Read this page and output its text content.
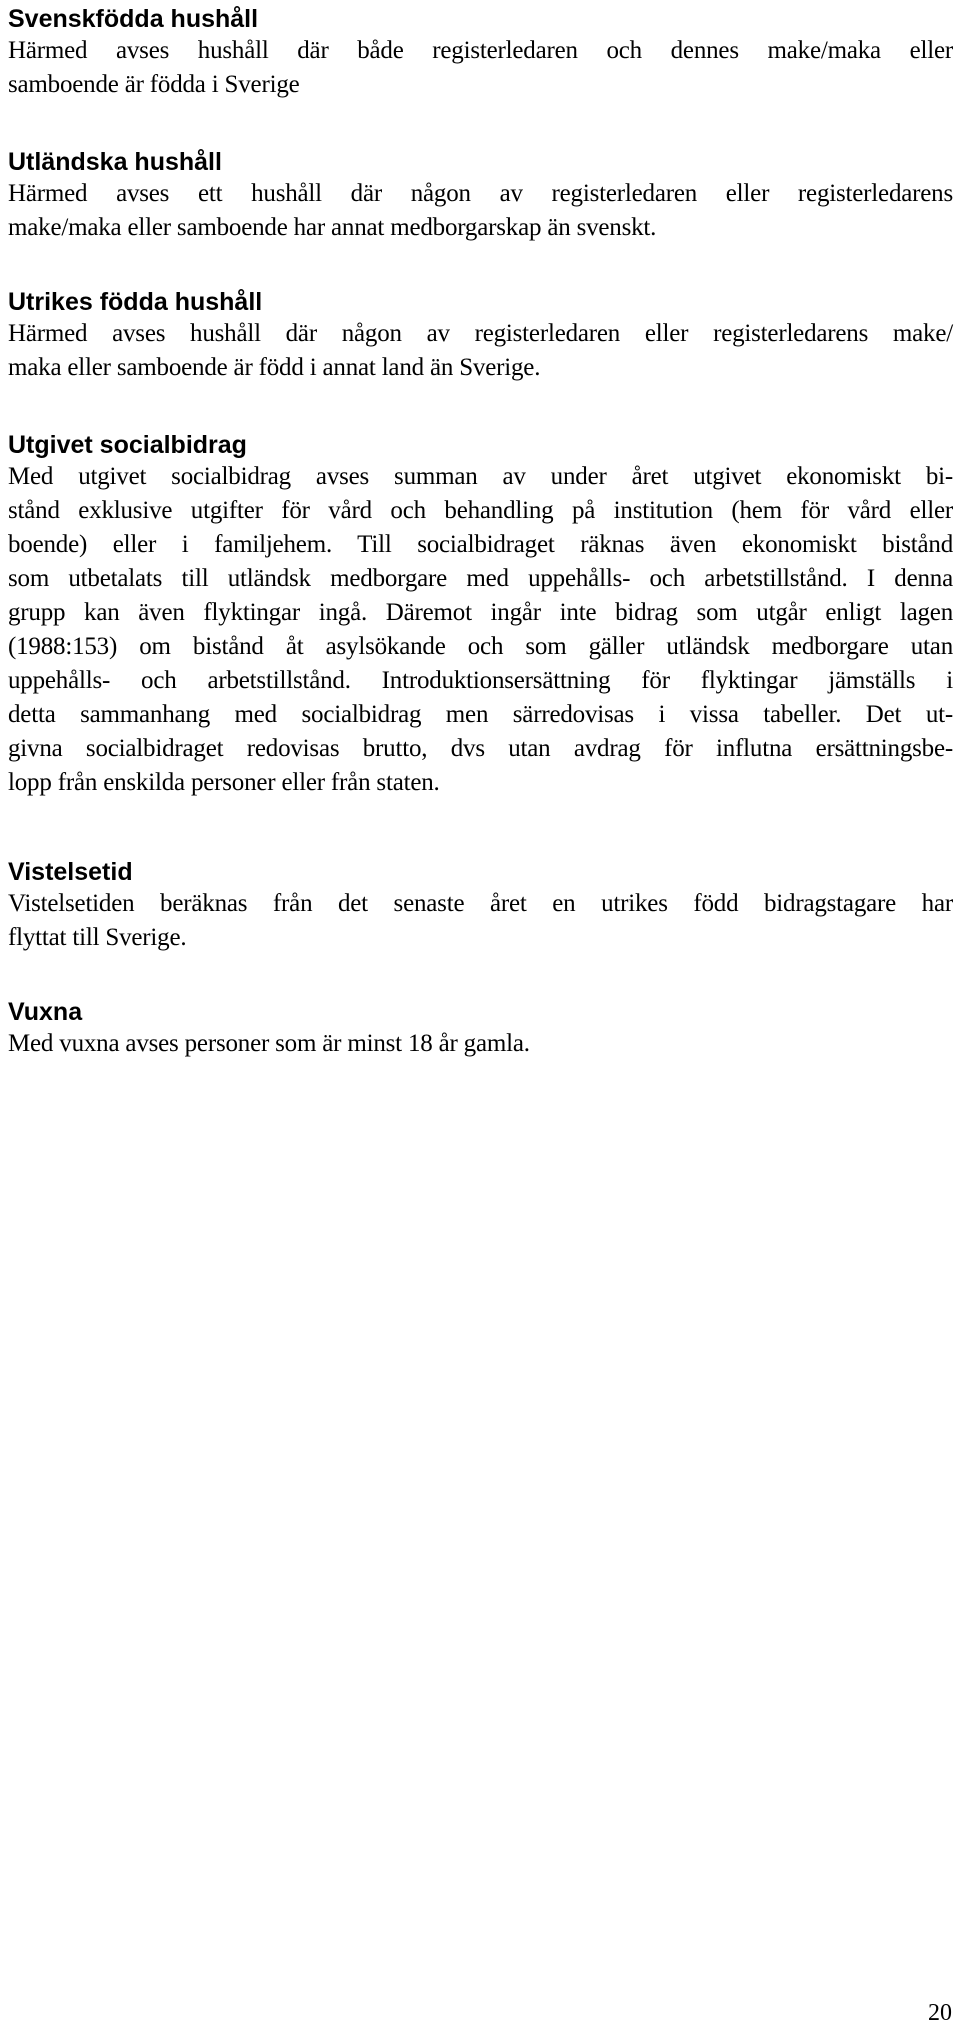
Svenskfödda hushåll
Härmed avses hushåll där både registerledaren och dennes make/maka eller
samboende är födda i Sverige
Utländska hushåll
Härmed avses ett hushåll där någon av registerledaren eller registerledarens
make/maka eller samboende har annat medborgarskap än svenskt.
Utrikes födda hushåll
Härmed avses hushåll där någon av registerledaren eller registerledarens make/
maka eller samboende är född i annat land än Sverige.
Utgivet socialbidrag
Med utgivet socialbidrag avses summan av under året utgivet ekonomiskt bi-
stånd exklusive utgifter för vård och behandling på institution (hem för vård eller
boende) eller i familjehem. Till socialbidraget räknas även ekonomiskt bistånd
som utbetalats till utländsk medborgare med uppehålls- och arbetstillstånd. I denna
grupp kan även flyktingar ingå. Däremot ingår inte bidrag som utgår enligt lagen
(1988:153) om bistånd åt asylsökande och som gäller utländsk medborgare utan
uppehålls- och arbetstillstånd. Introduktionsersättning för flyktingar jämställs i
detta sammanhang med socialbidrag men särredovisas i vissa tabeller. Det ut-
givna socialbidraget redovisas brutto, dvs utan avdrag för influtna ersättningsbe-
lopp från enskilda personer eller från staten.
Vistelsetid
Vistelsetiden beräknas från det senaste året en utrikes född bidragstagare har
flyttat till Sverige.
Vuxna
Med vuxna avses personer som är minst 18 år gamla.
20
